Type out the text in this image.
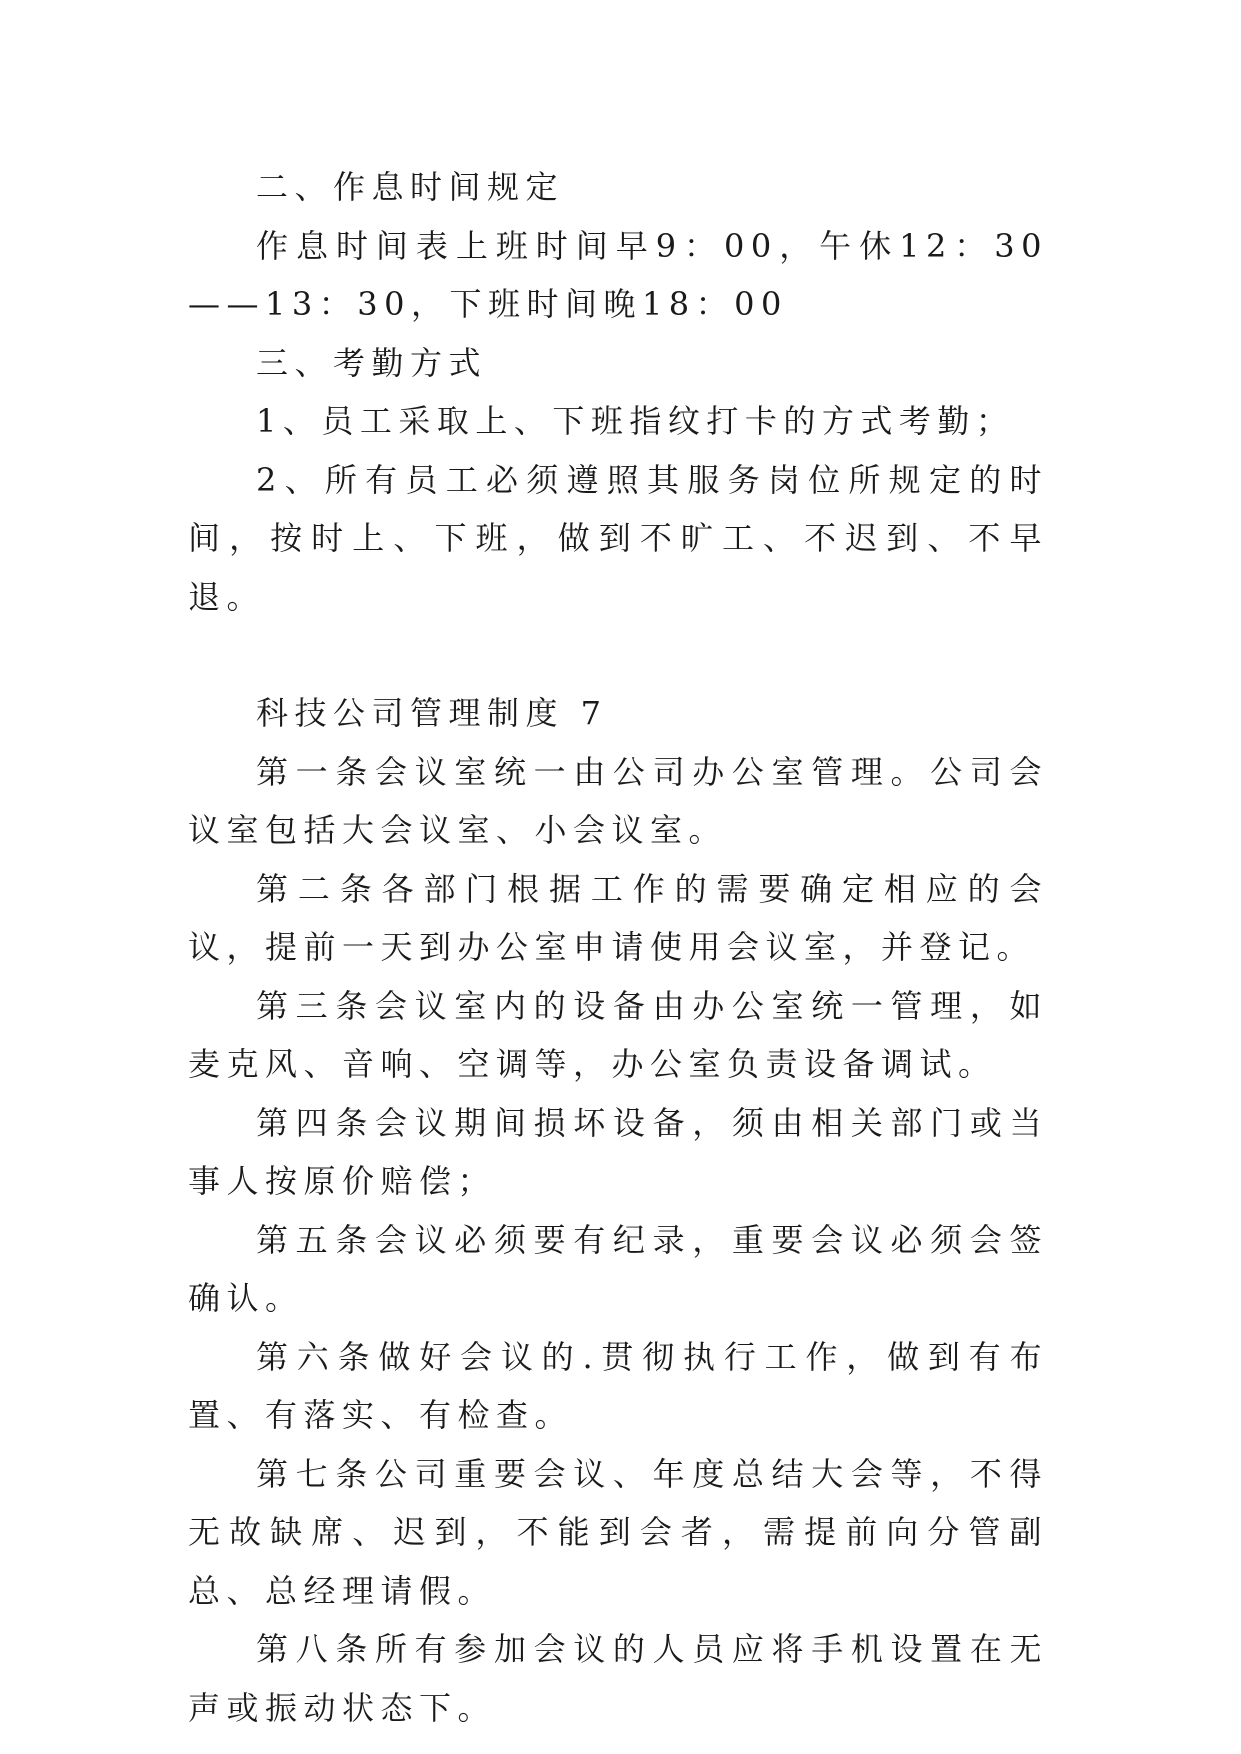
二、作息时间规定

作息时间表上班时间早9：00，午休12：30——13：30，下班时间晚18：00

三、考勤方式

1、员工采取上、下班指纹打卡的方式考勤；

2、所有员工必须遵照其服务岗位所规定的时间，按时上、下班，做到不旷工、不迟到、不早退。

科技公司管理制度 7

第一条会议室统一由公司办公室管理。公司会议室包括大会议室、小会议室。

第二条各部门根据工作的需要确定相应的会议，提前一天到办公室申请使用会议室，并登记。

第三条会议室内的设备由办公室统一管理，如麦克风、音响、空调等，办公室负责设备调试。

第四条会议期间损坏设备，须由相关部门或当事人按原价赔偿；

第五条会议必须要有纪录，重要会议必须会签确认。

第六条做好会议的.贯彻执行工作，做到有布置、有落实、有检查。

第七条公司重要会议、年度总结大会等，不得无故缺席、迟到，不能到会者，需提前向分管副总、总经理请假。

第八条所有参加会议的人员应将手机设置在无声或振动状态下。
